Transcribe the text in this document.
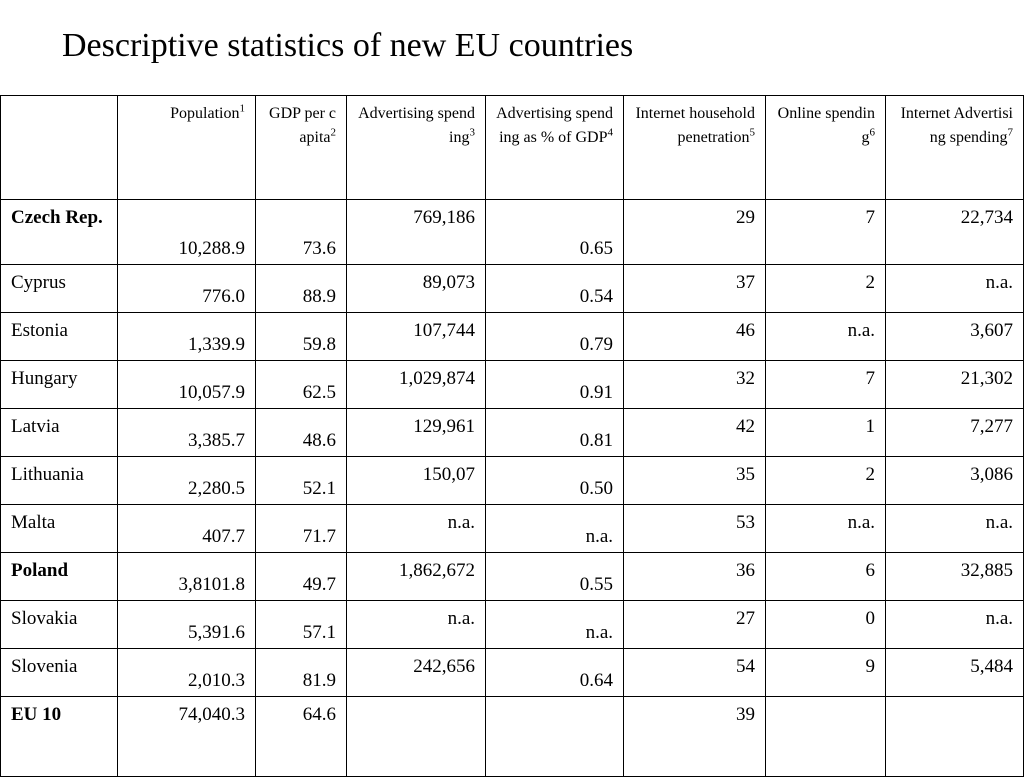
Descriptive statistics of new EU countries
	Population$^1$	GDP per capita$^2$	Advertising spending$^3$	Advertising spending as % of GDP$^4$	Internet household penetration$^5$	Online spending$^6$	Internet Advertising spending$^7$
Czech Rep.	10,288.9	73.6	769,186	0.65	29	7	22,734
Cyprus	776.0	88.9	89,073	0.54	37	2	n.a.
Estonia	1,339.9	59.8	107,744	0.79	46	n.a.	3,607
Hungary	10,057.9	62.5	1,029,874	0.91	32	7	21,302
Latvia	3,385.7	48.6	129,961	0.81	42	1	7,277
Lithuania	2,280.5	52.1	150,07	0.50	35	2	3,086
Malta	407.7	71.7	n.a.	n.a.	53	n.a.	n.a.
Poland	3,8101.8	49.7	1,862,672	0.55	36	6	32,885
Slovakia	5,391.6	57.1	n.a.	n.a.	27	0	n.a.
Slovenia	2,010.3	81.9	242,656	0.64	54	9	5,484
EU 10	74,040.3	64.6			39		
